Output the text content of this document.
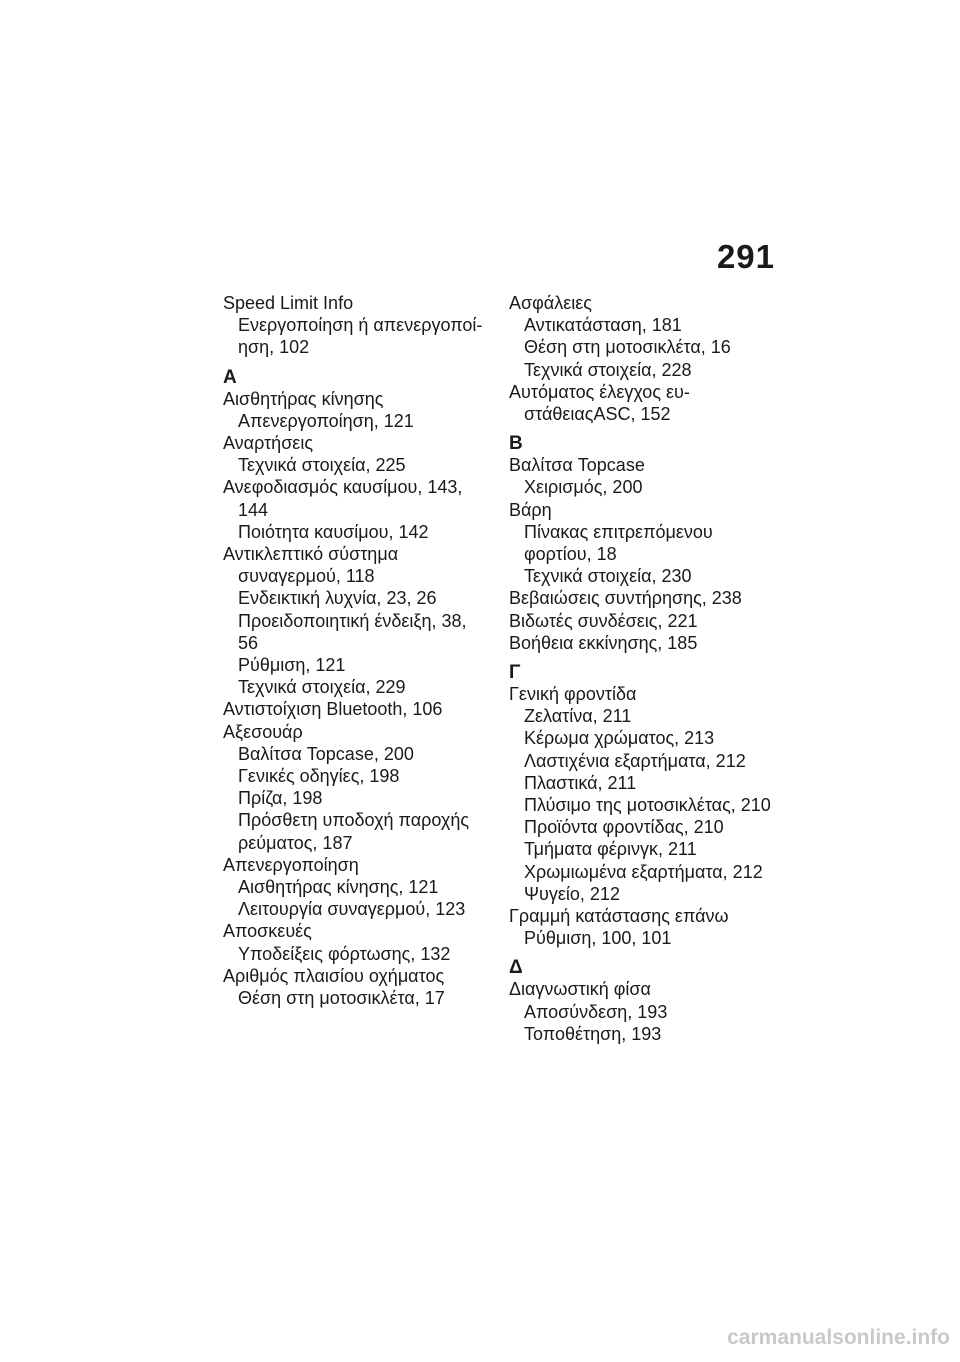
291
Speed Limit Info
Ενεργοποίηση ή απενεργοποί-
ηση, 102
Α
Αισθητήρας κίνησης
Απενεργοποίηση, 121
Αναρτήσεις
Τεχνικά στοιχεία, 225
Ανεφοδιασμός καυσίμου, 143,
144
Ποιότητα καυσίμου, 142
Αντικλεπτικό σύστημα
συναγερμού, 118
Ενδεικτική λυχνία, 23, 26
Προειδοποιητική ένδειξη, 38,
56
Ρύθμιση, 121
Τεχνικά στοιχεία, 229
Αντιστοίχιση Bluetooth, 106
Αξεσουάρ
Βαλίτσα Topcase, 200
Γενικές οδηγίες, 198
Πρίζα, 198
Πρόσθετη υποδοχή παροχής
ρεύματος, 187
Απενεργοποίηση
Αισθητήρας κίνησης, 121
Λειτουργία συναγερμού, 123
Αποσκευές
Υποδείξεις φόρτωσης, 132
Αριθμός πλαισίου οχήματος
Θέση στη μοτοσικλέτα, 17
Ασφάλειες
Αντικατάσταση, 181
Θέση στη μοτοσικλέτα, 16
Τεχνικά στοιχεία, 228
Αυτόματος έλεγχος ευ-
στάθειαςASC, 152
Β
Βαλίτσα Topcase
Χειρισμός, 200
Βάρη
Πίνακας επιτρεπόμενου
φορτίου, 18
Τεχνικά στοιχεία, 230
Βεβαιώσεις συντήρησης, 238
Βιδωτές συνδέσεις, 221
Βοήθεια εκκίνησης, 185
Γ
Γενική φροντίδα
Ζελατίνα, 211
Κέρωμα χρώματος, 213
Λαστιχένια εξαρτήματα, 212
Πλαστικά, 211
Πλύσιμο της μοτοσικλέτας, 210
Προϊόντα φροντίδας, 210
Τμήματα φέρινγκ, 211
Χρωμιωμένα εξαρτήματα, 212
Ψυγείο, 212
Γραμμή κατάστασης επάνω
Ρύθμιση, 100, 101
Δ
Διαγνωστική φίσα
Αποσύνδεση, 193
Τοποθέτηση, 193
carmanualsonline.info
